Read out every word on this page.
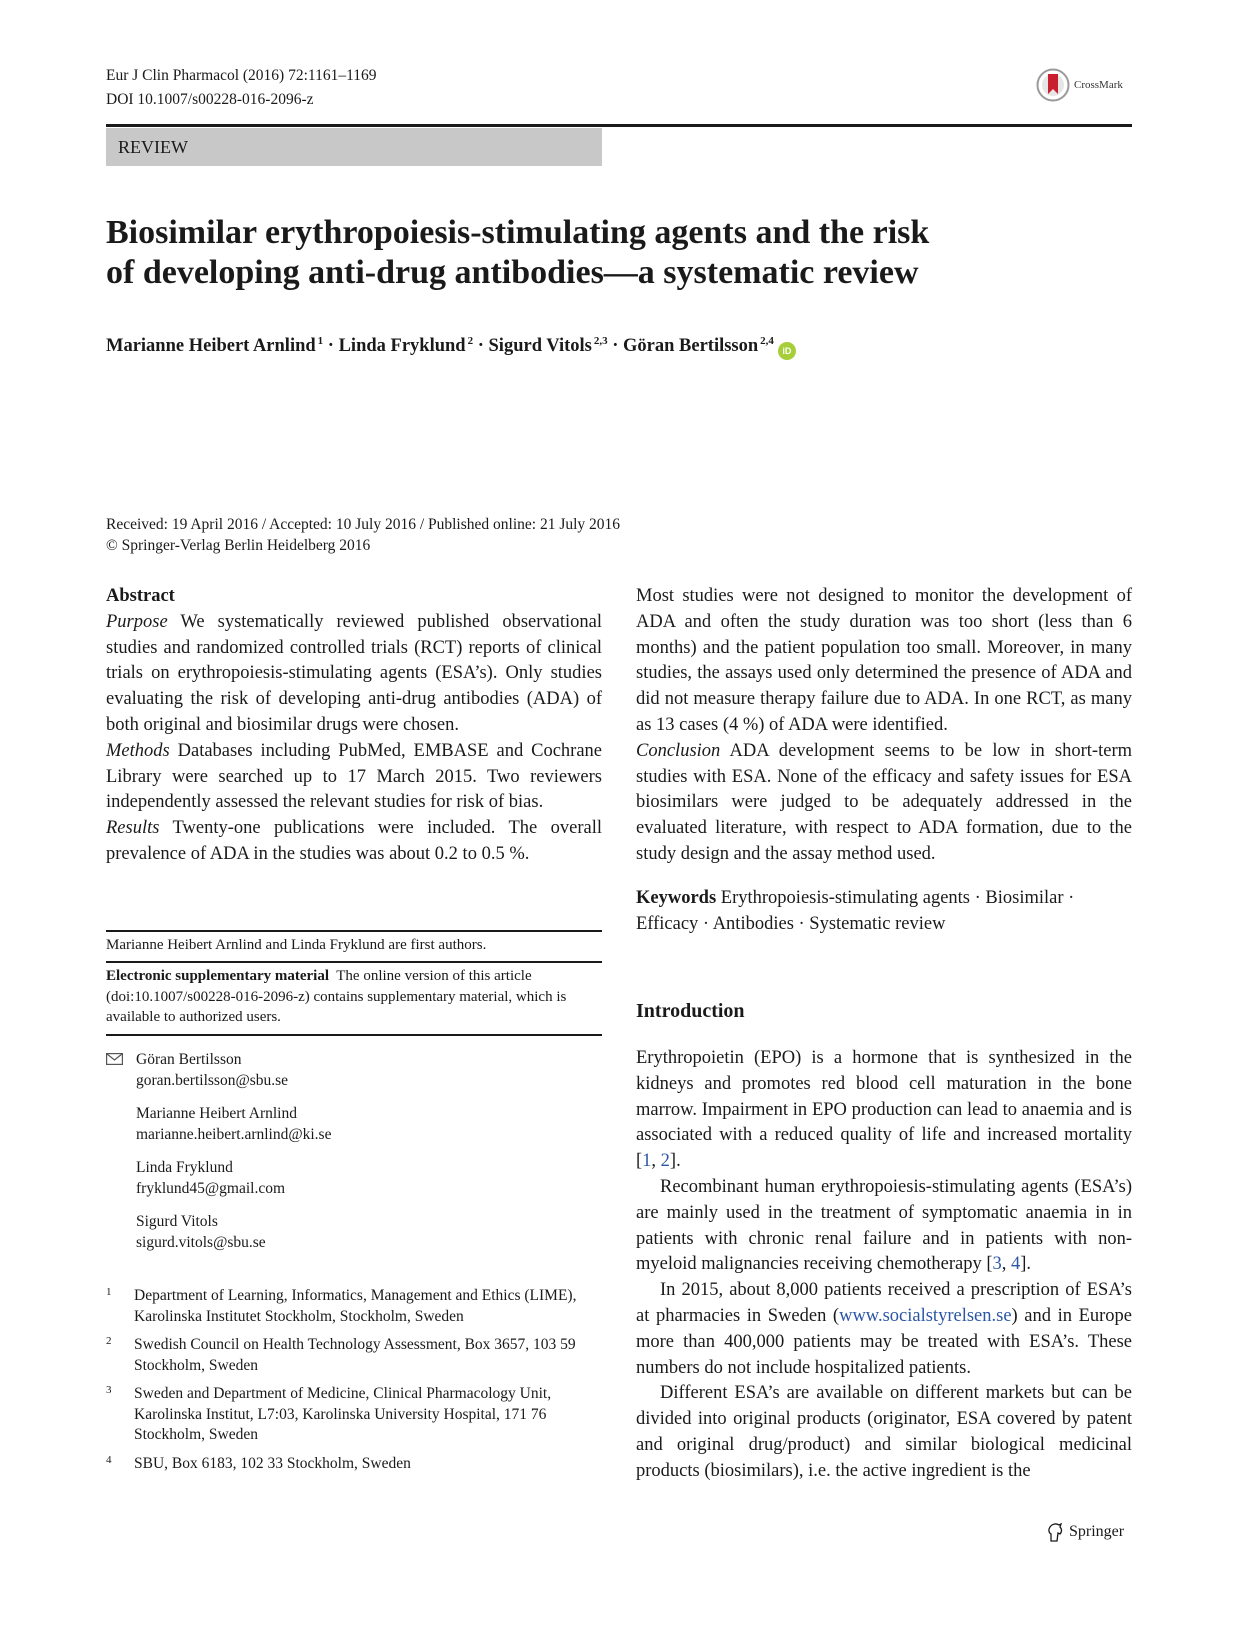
Eur J Clin Pharmacol (2016) 72:1161–1169
DOI 10.1007/s00228-016-2096-z
CrossMark
REVIEW
Biosimilar erythropoiesis-stimulating agents and the risk
of developing anti-drug antibodies—a systematic review
Marianne Heibert Arnlind $^1$ · Linda Fryklund $^2$ · Sigurd Vitols $^{2,3}$ · Göran Bertilsson $^{2,4}$iD
Received: 19 April 2016 / Accepted: 10 July 2016 / Published online: 21 July 2016
© Springer-Verlag Berlin Heidelberg 2016
Abstract

Purpose We systematically reviewed published observational studies and randomized controlled trials (RCT) reports of clinical trials on erythropoiesis-stimulating agents (ESA’s). Only studies evaluating the risk of developing anti-drug antibodies (ADA) of both original and biosimilar drugs were chosen.

Methods Databases including PubMed, EMBASE and Cochrane Library were searched up to 17 March 2015. Two reviewers independently assessed the relevant studies for risk of bias.

Results Twenty-one publications were included. The overall prevalence of ADA in the studies was about 0.2 to 0.5 %.

Marianne Heibert Arnlind and Linda Fryklund are first authors.
Electronic supplementary material The online version of this article (doi:10.1007/s00228-016-2096-z) contains supplementary material, which is available to authorized users.
Göran Bertilsson
goran.bertilsson@sbu.se
Marianne Heibert Arnlind
marianne.heibert.arnlind@ki.se
Linda Fryklund
fryklund45@gmail.com
Sigurd Vitols
sigurd.vitols@sbu.se
1 Department of Learning, Informatics, Management and Ethics (LIME), Karolinska Institutet Stockholm, Stockholm, Sweden
2 Swedish Council on Health Technology Assessment, Box 3657, 103 59 Stockholm, Sweden
3 Sweden and Department of Medicine, Clinical Pharmacology Unit, Karolinska Institut, L7:03, Karolinska University Hospital, 171 76 Stockholm, Sweden
4 SBU, Box 6183, 102 33 Stockholm, Sweden

Most studies were not designed to monitor the development of ADA and often the study duration was too short (less than 6 months) and the patient population too small. Moreover, in many studies, the assays used only determined the presence of ADA and did not measure therapy failure due to ADA. In one RCT, as many as 13 cases (4 %) of ADA were identified.

Conclusion ADA development seems to be low in short-term studies with ESA. None of the efficacy and safety issues for ESA biosimilars were judged to be adequately addressed in the evaluated literature, with respect to ADA formation, due to the study design and the assay method used.

Keywords Erythropoiesis-stimulating agents · Biosimilar · Efficacy · Antibodies · Systematic review

Introduction

Erythropoietin (EPO) is a hormone that is synthesized in the kidneys and promotes red blood cell maturation in the bone marrow. Impairment in EPO production can lead to anaemia and is associated with a reduced quality of life and increased mortality [1, 2].

Recombinant human erythropoiesis-stimulating agents (ESA’s) are mainly used in the treatment of symptomatic anaemia in in patients with chronic renal failure and in patients with non-myeloid malignancies receiving chemotherapy [3, 4].

In 2015, about 8,000 patients received a prescription of ESA’s at pharmacies in Sweden (www.socialstyrelsen.se) and in Europe more than 400,000 patients may be treated with ESA’s. These numbers do not include hospitalized patients.

Different ESA’s are available on different markets but can be divided into original products (originator, ESA covered by patent and original drug/product) and similar biological medicinal products (biosimilars), i.e. the active ingredient is the

Springer
